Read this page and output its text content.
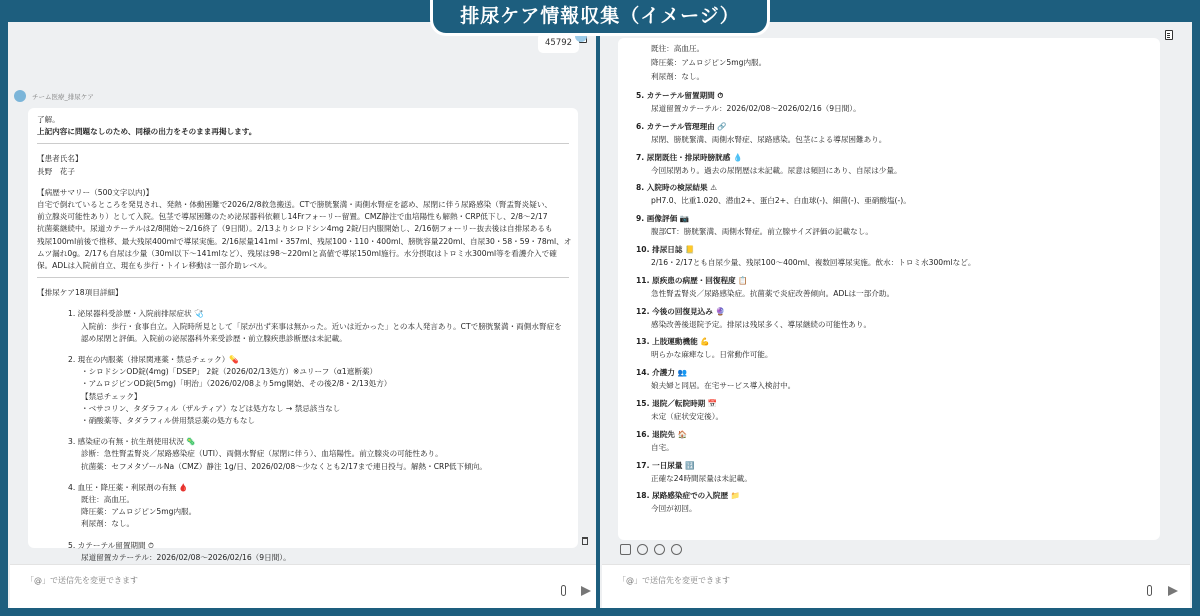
排尿ケア情報収集（イメージ）
45792
チーム医療_排尿ケア
了解。
上記内容に問題なしのため、同様の出力をそのまま再掲します。
【患者氏名】
長野　花子
【病歴サマリー（500文字以内)】
自宅で倒れているところを発見され、発熱・体動困難で2026/2/8救急搬送。CTで膀胱緊満・両側水腎症を認め、尿閉に伴う尿路感染（腎盂腎炎疑い、
前立腺炎可能性あり）として入院。包茎で導尿困難のため泌尿器科依頼し14Frフォーリー留置。CMZ静注で血培陽性も解熱・CRP低下し、2/8〜2/17
抗菌薬継続中。尿道カテーテルは2/8開始〜2/16終了（9日間）。2/13よりシロドシン4mg 2錠/日内服開始し、2/16朝フォーリー抜去後は自排尿あるも
残尿100ml前後で推移、最大残尿400mlで導尿実施。2/16尿量141ml・357ml、残尿100・110・400ml、膀胱容量220ml、自尿30・58・59・78ml、オ
ムツ漏れ0g。2/17も自尿は少量（30ml以下〜141mlなど）、残尿は98〜220mlと高値で導尿150ml施行。水分摂取はトロミ水300ml等を看護介入で確
保。ADLは入院前自立、現在も歩行・トイレ移動は一部介助レベル。
【排尿ケア18項目詳細】
1. 泌尿器科受診歴・入院前排尿症状 🩺
入院前：歩行・食事自立。入院時所見として「尿が出ず来事は無かった。近いは近かった」との本人発言あり。CTで膀胱緊満・両側水腎症を
認め尿閉と評価。入院前の泌尿器科外来受診歴・前立腺疾患診断歴は未記載。
2. 現在の内服薬（排尿関連薬・禁忌チェック）💊
・シロドシンOD錠(4mg)「DSEP」 2錠（2026/02/13処方）※ユリーフ（α1遮断薬）
・アムロジピンOD錠(5mg)「明治」（2026/02/08より5mg開始、その後2/8・2/13処方）
【禁忌チェック】
・ベサコリン、タダラフィル（ザルティア）などは処方なし → 禁忌該当なし
・硝酸薬等、タダラフィル併用禁忌薬の処方もなし
3. 感染症の有無・抗生剤使用状況 🦠
診断：急性腎盂腎炎／尿路感染症（UTI）、両側水腎症（尿閉に伴う）、血培陽性。前立腺炎の可能性あり。
抗菌薬：セフメタゾールNa（CMZ）静注 1g/日、2026/02/08〜少なくとも2/17まで連日投与。解熱・CRP低下傾向。
4. 血圧・降圧薬・利尿剤の有無 🩸
既往：高血圧。
降圧薬：アムロジピン5mg内服。
利尿剤：なし。
5. カテーテル留置期間 ⏱
尿道留置カテーテル：2026/02/08〜2026/02/16（9日間）。
「@」で送信先を変更できます
既往：高血圧。
降圧薬：アムロジピン5mg内服。
利尿剤：なし。
5. カテーテル留置期間 ⏱
尿道留置カテーテル：2026/02/08〜2026/02/16（9日間）。
6. カテーテル管理理由 🔗
尿閉、膀胱緊満、両側水腎症、尿路感染。包茎による導尿困難あり。
7. 尿閉既往・排尿時膀胱感 💧
今回尿閉あり。過去の尿閉歴は未記載。尿意は頻回にあり、自尿は少量。
8. 入院時の検尿結果 ⚠
pH7.0、比重1.020、潜血2+、蛋白2+、白血球(-)、細菌(-)、亜硝酸塩(-)。
9. 画像評価 📷
腹部CT：膀胱緊満、両側水腎症。前立腺サイズ評価の記載なし。
10. 排尿日誌 📒
2/16・2/17とも自尿少量、残尿100〜400ml、複数回導尿実施。飲水：トロミ水300mlなど。
11. 原疾患の病歴・回復程度 📋
急性腎盂腎炎／尿路感染症。抗菌薬で炎症改善傾向。ADLは一部介助。
12. 今後の回復見込み 🔮
感染改善後退院予定。排尿は残尿多く、導尿継続の可能性あり。
13. 上肢運動機能 💪
明らかな麻痺なし。日常動作可能。
14. 介護力 👥
娘夫婦と同居。在宅サービス導入検討中。
15. 退院／転院時期 📅
未定（症状安定後）。
16. 退院先 🏠
自宅。
17. 一日尿量 🔢
正確な24時間尿量は未記載。
18. 尿路感染症での入院歴 📁
今回が初回。
「@」で送信先を変更できます
